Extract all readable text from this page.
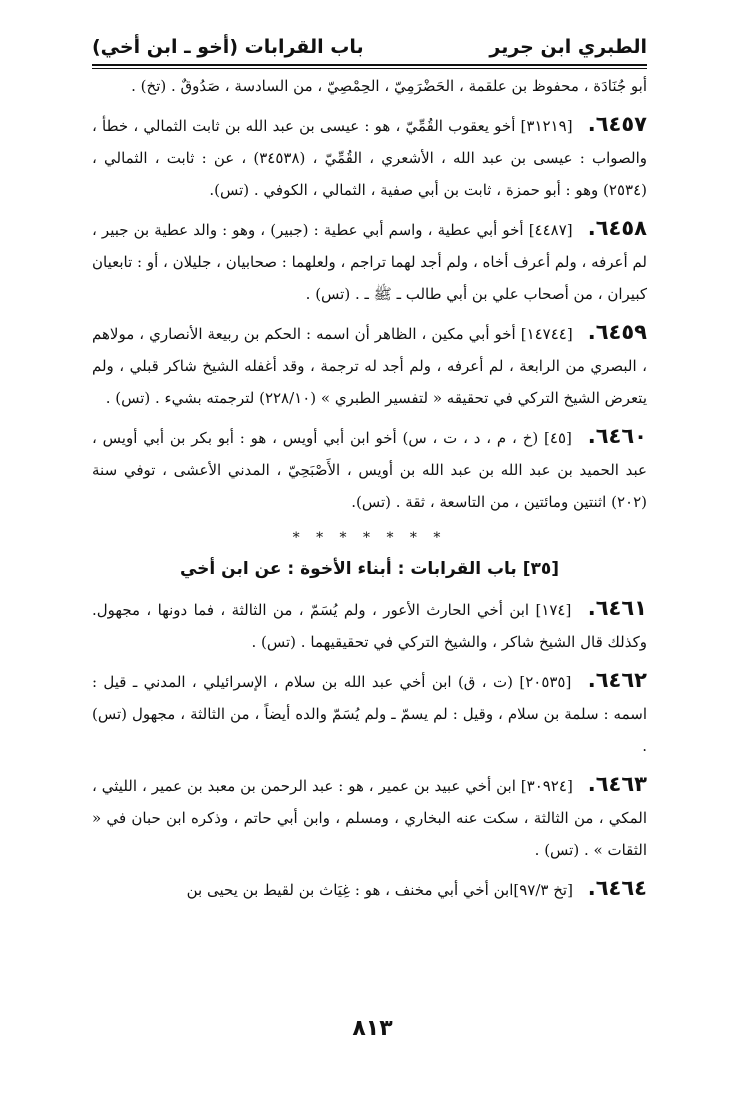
الطبري ابن جرير
باب القرابات (أخو ـ ابن أخي)

أبو جُنَادَة ، محفوظ بن علقمة ، الحَضْرَمِيّ ، الحِمْصِيّ ، من السادسة ، صَدُوقٌ . (تخ) .

٦٤٥٧. [٣١٢١٩] أخو يعقوب القُمِّيّ ، هو : عيسى بن عبد الله بن ثابت الثمالي ، خطأ ، والصواب : عيسى بن عبد الله ، الأشعري ، القُمِّيّ ، (٣٤٥٣٨) ، عن : ثابت ، الثمالي ، (٢٥٣٤) وهو : أبو حمزة ، ثابت بن أبي صفية ، الثمالي ، الكوفي . (تس).

٦٤٥٨. [٤٤٨٧] أخو أبي عطية ، واسم أبي عطية : (جبير) ، وهو : والد عطية بن جبير ، لم أعرفه ، ولم أعرف أخاه ، ولم أجد لهما تراجم ، ولعلهما : صحابيان ، جليلان ، أو : تابعيان كبيران ، من أصحاب علي بن أبي طالب ـ ﷺ ـ . (تس) .

٦٤٥٩. [١٤٧٤٤] أخو أبي مكين ، الظاهر أن اسمه : الحكم بن ربيعة الأنصاري ، مولاهم ، البصري من الرابعة ، لم أعرفه ، ولم أجد له ترجمة ، وقد أغفله الشيخ شاكر قبلي ، ولم يتعرض الشيخ التركي في تحقيقه « لتفسير الطبري » (٢٢٨/١٠) لترجمته بشيء . (تس) .

٦٤٦٠. [٤٥] (خ ، م ، د ، ت ، س) أخو ابن أبي أويس ، هو : أبو بكر بن أبي أويس ، عبد الحميد بن عبد الله بن عبد الله بن أويس ، الأَصْبَحِيّ ، المدني الأعشى ، توفي سنة (٢٠٢) اثنتين ومائتين ، من التاسعة ، ثقة . (تس).

* * * * * * *
[٣٥] باب القرابات : أبناء الأخوة : عن ابن أخي

٦٤٦١. [١٧٤] ابن أخي الحارث الأعور ، ولم يُسَمّ ، من الثالثة ، فما دونها ، مجهول. وكذلك قال الشيخ شاكر ، والشيخ التركي في تحقيقيهما . (تس) .

٦٤٦٢. [٢٠٥٣٥] (ت ، ق) ابن أخي عبد الله بن سلام ، الإسرائيلي ، المدني ـ قيل : اسمه : سلمة بن سلام ، وقيل : لم يسمّ ـ ولم يُسَمّ والده أيضاً ، من الثالثة ، مجهول (تس) .

٦٤٦٣. [٣٠٩٢٤] ابن أخي عبيد بن عمير ، هو : عبد الرحمن بن معبد بن عمير ، الليثي ، المكي ، من الثالثة ، سكت عنه البخاري ، ومسلم ، وابن أبي حاتم ، وذكره ابن حبان في « الثقات » . (تس) .

٦٤٦٤. [تخ ٩٧/٣]ابن أخي أبي مخنف ، هو : غِيَاث بن لقيط بن يحيى بن

٨١٣
